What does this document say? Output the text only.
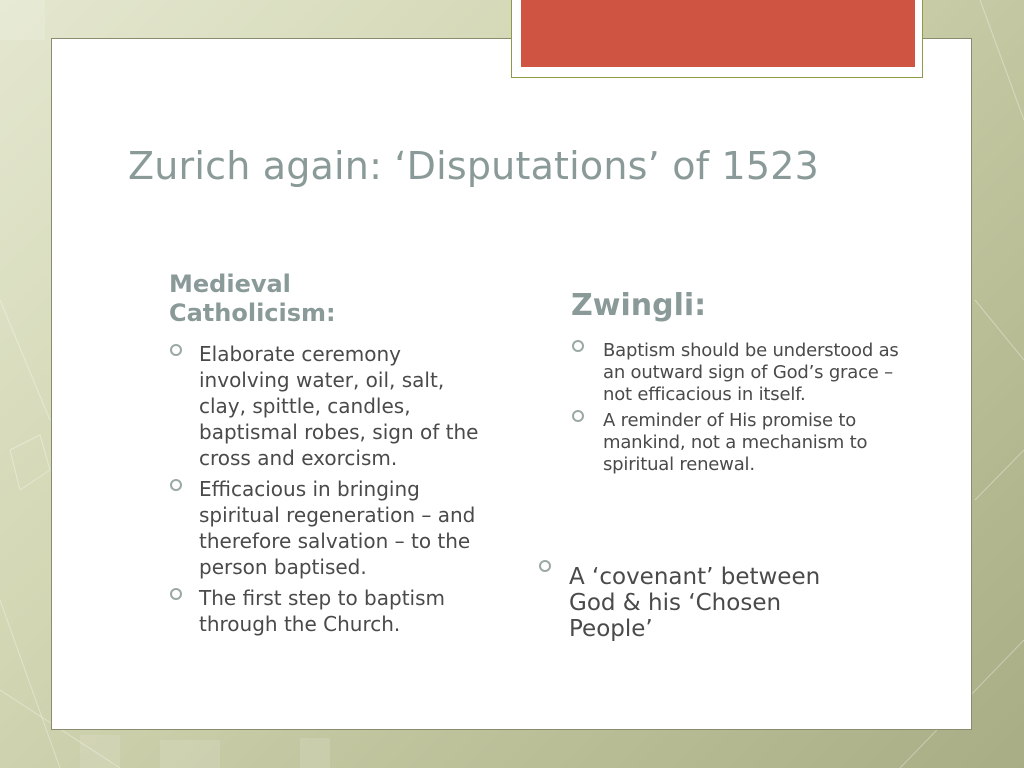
Zurich again: ‘Disputations’ of 1523
Medieval Catholicism:
Elaborate ceremony involving water, oil, salt, clay, spittle, candles, baptismal robes, sign of the cross and exorcism.
Efficacious in bringing spiritual regeneration – and therefore salvation – to the person baptised.
The first step to baptism through the Church.
Zwingli:
Baptism should be understood as an outward sign of God’s grace – not efficacious in itself.
A reminder of His promise to mankind, not a mechanism to spiritual renewal.
A ‘covenant’ between God & his ‘Chosen People’
